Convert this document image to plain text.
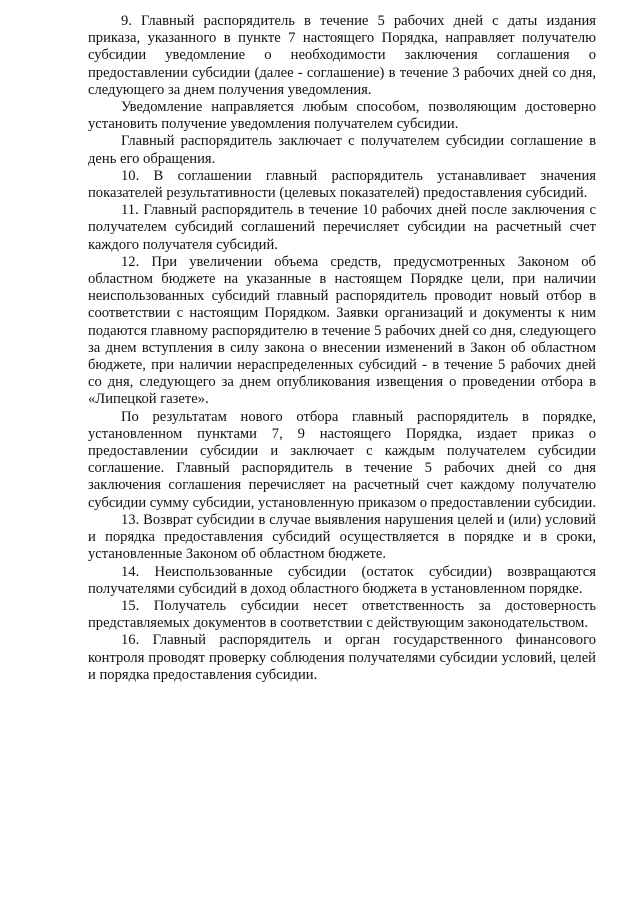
9. Главный распорядитель в течение 5 рабочих дней с даты издания приказа, указанного в пункте 7 настоящего Порядка, направляет получателю субсидии уведомление о необходимости заключения соглашения о предоставлении субсидии (далее - соглашение) в течение 3 рабочих дней со дня, следующего за днем получения уведомления.

Уведомление направляется любым способом, позволяющим достоверно установить получение уведомления получателем субсидии.

Главный распорядитель заключает с получателем субсидии соглашение в день его обращения.

10. В соглашении главный распорядитель устанавливает значения показателей результативности (целевых показателей) предоставления субсидий.

11. Главный распорядитель в течение 10 рабочих дней после заключения с получателем субсидий соглашений перечисляет субсидии на расчетный счет каждого получателя субсидий.

12. При увеличении объема средств, предусмотренных Законом об областном бюджете на указанные в настоящем Порядке цели, при наличии неиспользованных субсидий главный распорядитель проводит новый отбор в соответствии с настоящим Порядком. Заявки организаций и документы к ним подаются главному распорядителю в течение 5 рабочих дней со дня, следующего за днем вступления в силу закона о внесении изменений в Закон об областном бюджете, при наличии нераспределенных субсидий - в течение 5 рабочих дней со дня, следующего за днем опубликования извещения о проведении отбора в «Липецкой газете».

По результатам нового отбора главный распорядитель в порядке, установленном пунктами 7, 9 настоящего Порядка, издает приказ о предоставлении субсидии и заключает с каждым получателем субсидии соглашение. Главный распорядитель в течение 5 рабочих дней со дня заключения соглашения перечисляет на расчетный счет каждому получателю субсидии сумму субсидии, установленную приказом о предоставлении субсидии.

13. Возврат субсидии в случае выявления нарушения целей и (или) условий и порядка предоставления субсидий осуществляется в порядке и в сроки, установленные Законом об областном бюджете.

14. Неиспользованные субсидии (остаток субсидии) возвращаются получателями субсидий в доход областного бюджета в установленном порядке.

15. Получатель субсидии несет ответственность за достоверность представляемых документов в соответствии с действующим законодательством.

16. Главный распорядитель и орган государственного финансового контроля проводят проверку соблюдения получателями субсидии условий, целей и порядка предоставления субсидии.
